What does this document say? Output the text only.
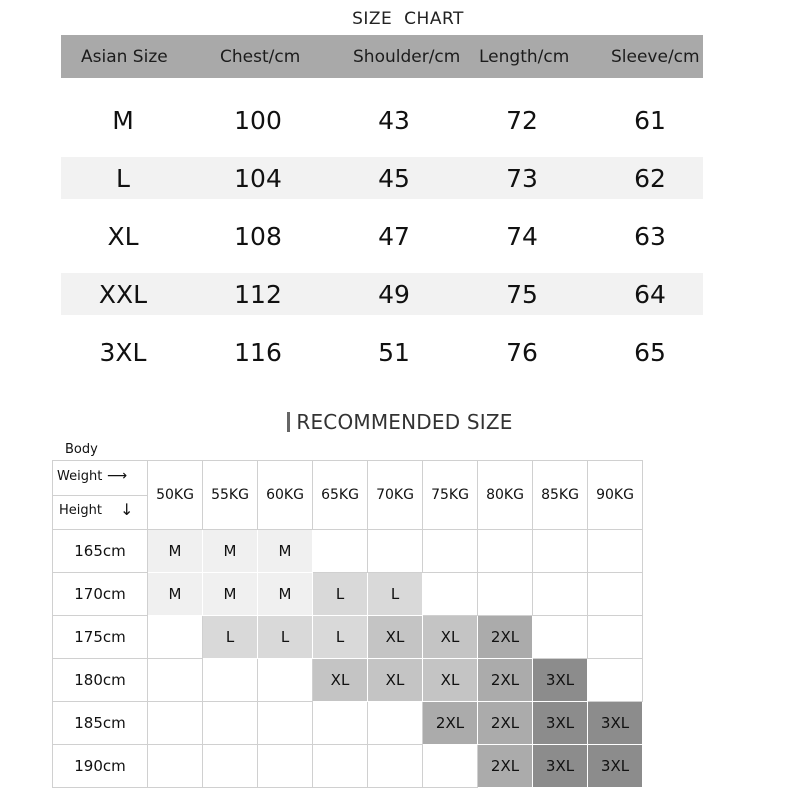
SIZE CHART
Asian Size	Chest/cm	Shoulder/cm Length/cm Sleeve/cm
M	100	43	72	61
L	104	45	73	62
XL	108	47	74	63
XXL	112	49	75	64
3XL	116	51	76	65
RECOMMENDED SIZE
Body
Weight ⟶
Height ↓	50KG	55KG	60KG	65KG	70KG	75KG	80KG	85KG	90KG
165cm	M	M	M						
170cm	M	M	M	L	L				
175cm		L	L	L	XL	XL	2XL		
180cm				XL	XL	XL	2XL	3XL	
185cm						2XL	2XL	3XL	3XL
190cm							2XL	3XL	3XL
